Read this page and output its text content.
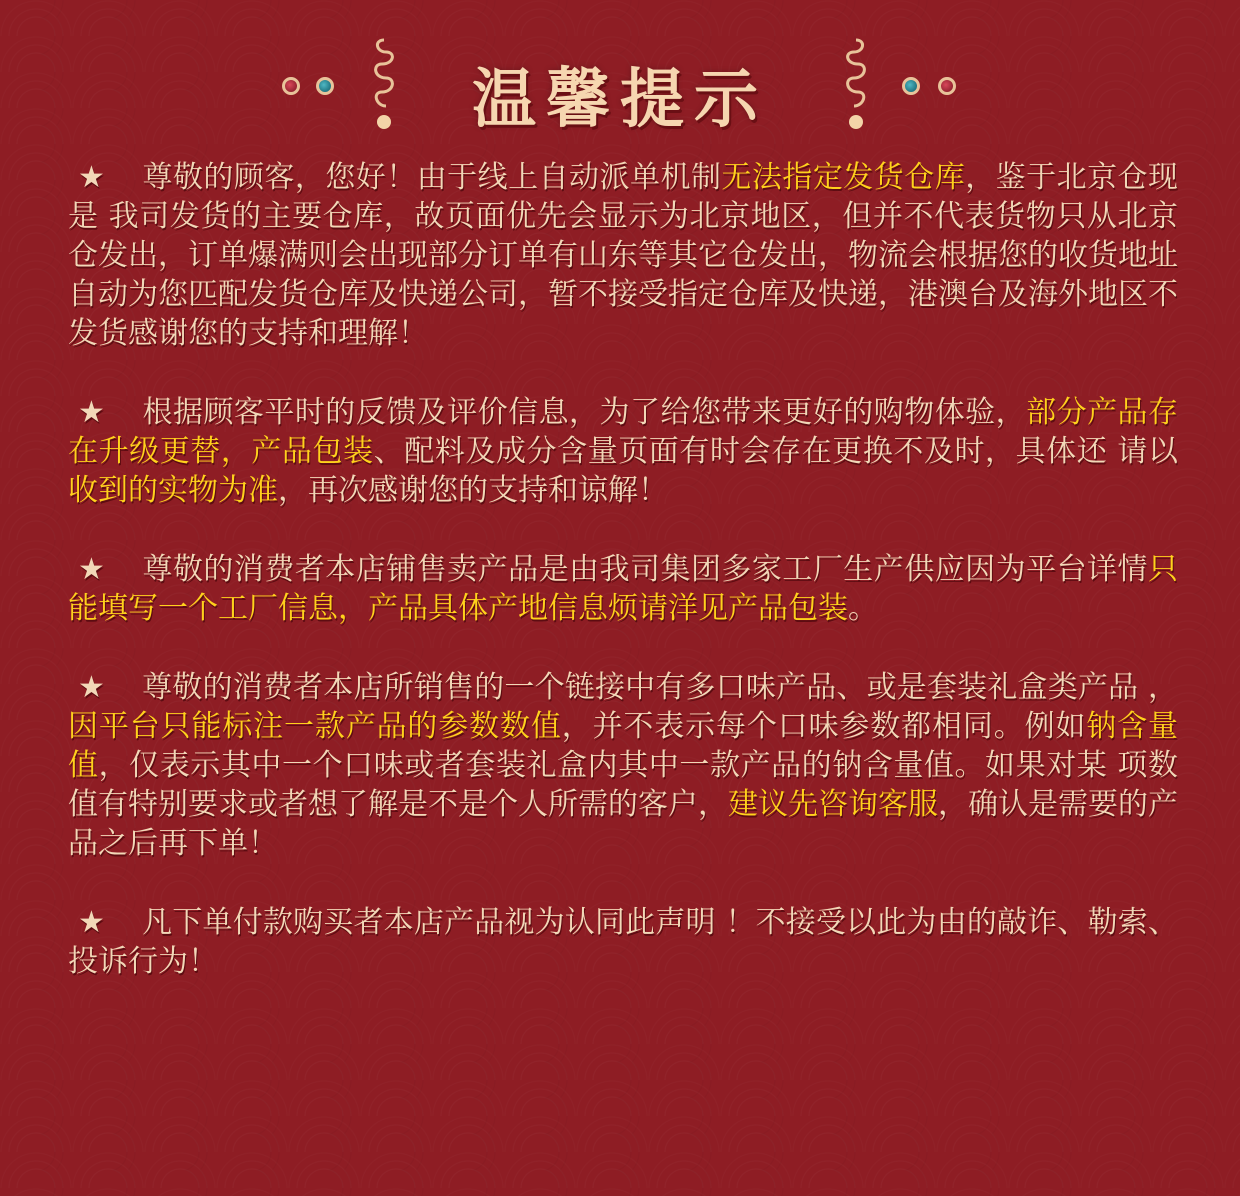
温馨提示

★ 尊敬的顾客，您好！由于线上自动派单机制无法指定发货仓库，鉴于北京仓现是 我司发货的主要仓库，故页面优先会显示为北京地区，但并不代表货物只从北京仓发出，订单爆满则会出现部分订单有山东等其它仓发出，物流会根据您的收货地址自动为您匹配发货仓库及快递公司，暂不接受指定仓库及快递，港澳台及海外地区不发货感谢您的支持和理解！

★ 根据顾客平时的反馈及评价信息，为了给您带来更好的购物体验，部分产品存在升级更替，产品包装、配料及成分含量页面有时会存在更换不及时，具体还 请以收到的实物为准，再次感谢您的支持和谅解！

★ 尊敬的消费者本店铺售卖产品是由我司集团多家工厂生产供应因为平台详情只能填写一个工厂信息，产品具体产地信息烦请洋见产品包装。

★ 尊敬的消费者本店所销售的一个链接中有多口味产品、或是套装礼盒类产品 ，因平台只能标注一款产品的参数数值，并不表示每个口味参数都相同。例如钠含量值，仅表示其中一个口味或者套装礼盒内其中一款产品的钠含量值。如果对某 项数值有特别要求或者想了解是不是个人所需的客户，建议先咨询客服，确认是需要的产品之后再下单！

★ 凡下单付款购买者本店产品视为认同此声明 ！不接受以此为由的敲诈、勒索、投诉行为！
